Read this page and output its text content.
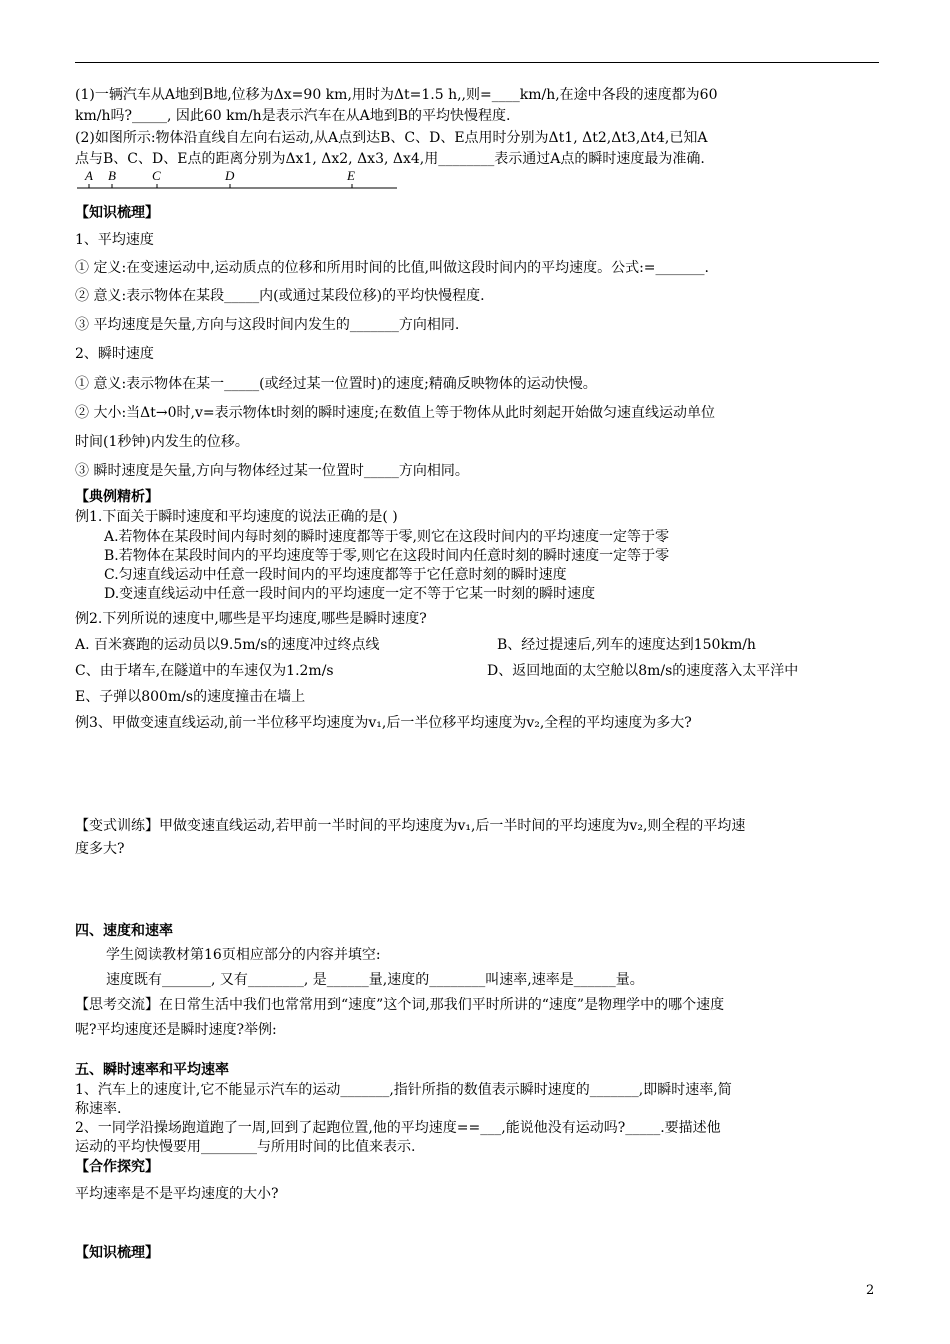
(1)一辆汽车从A地到B地,位移为Δx=90 km,用时为Δt=1.5 h,,则=____km/h,在途中各段的速度都为60
km/h吗?_____, 因此60 km/h是表示汽车在从A地到B的平均快慢程度.
(2)如图所示:物体沿直线自左向右运动,从A点到达B、C、D、E点用时分别为Δt1, Δt2,Δt3,Δt4,已知A
点与B、C、D、E点的距离分别为Δx1, Δx2, Δx3, Δx4,用________表示通过A点的瞬时速度最为准确.
A B	C	D	E
【知识梳理】
1、平均速度
① 定义:在变速运动中,运动质点的位移和所用时间的比值,叫做这段时间内的平均速度。公式:=_______.
② 意义:表示物体在某段_____内(或通过某段位移)的平均快慢程度.
③ 平均速度是矢量,方向与这段时间内发生的_______方向相同.
2、瞬时速度
① 意义:表示物体在某一_____(或经过某一位置时)的速度;精确反映物体的运动快慢。
② 大小:当Δt→0时,v=表示物体t时刻的瞬时速度;在数值上等于物体从此时刻起开始做匀速直线运动单位
时间(1秒钟)内发生的位移。
③ 瞬时速度是矢量,方向与物体经过某一位置时_____方向相同。
【典例精析】
例1.下面关于瞬时速度和平均速度的说法正确的是( )
A.若物体在某段时间内每时刻的瞬时速度都等于零,则它在这段时间内的平均速度一定等于零
B.若物体在某段时间内的平均速度等于零,则它在这段时间内任意时刻的瞬时速度一定等于零
C.匀速直线运动中任意一段时间内的平均速度都等于它任意时刻的瞬时速度
D.变速直线运动中任意一段时间内的平均速度一定不等于它某一时刻的瞬时速度
例2.下列所说的速度中,哪些是平均速度,哪些是瞬时速度?
A. 百米赛跑的运动员以9.5m/s的速度冲过终点线	B、经过提速后,列车的速度达到150km/h
C、由于堵车,在隧道中的车速仅为1.2m/s	D、返回地面的太空舱以8m/s的速度落入太平洋中
E、子弹以800m/s的速度撞击在墙上
例3、甲做变速直线运动,前一半位移平均速度为v₁,后一半位移平均速度为v₂,全程的平均速度为多大?
【变式训练】甲做变速直线运动,若甲前一半时间的平均速度为v₁,后一半时间的平均速度为v₂,则全程的平均速
度多大?
四、速度和速率
学生阅读教材第16页相应部分的内容并填空:
速度既有_______, 又有________, 是______量,速度的________叫速率,速率是______量。
【思考交流】在日常生活中我们也常常用到“速度”这个词,那我们平时所讲的“速度”是物理学中的哪个速度
呢?平均速度还是瞬时速度?举例:
五、瞬时速率和平均速率
1、汽车上的速度计,它不能显示汽车的运动_______,指针所指的数值表示瞬时速度的_______,即瞬时速率,简
称速率.
2、一同学沿操场跑道跑了一周,回到了起跑位置,他的平均速度==___,能说他没有运动吗?_____.要描述他
运动的平均快慢要用________与所用时间的比值来表示.
【合作探究】
平均速率是不是平均速度的大小?
【知识梳理】
2
